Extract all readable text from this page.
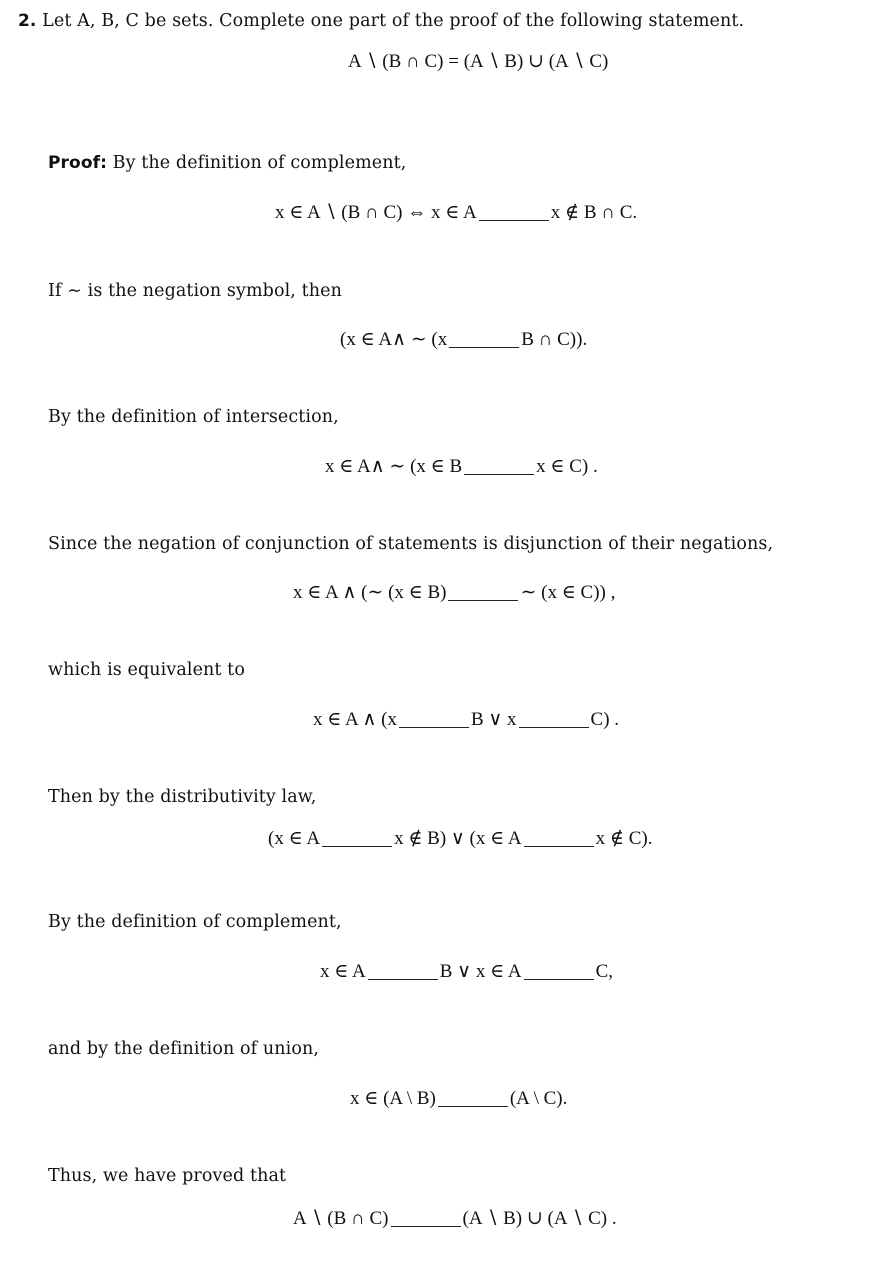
2. Let A, B, C be sets. Complete one part of the proof of the following statement.
A ∖ (B ∩ C) = (A ∖ B) ∪ (A ∖ C)
Proof: By the definition of complement,
x ∈ A ∖ (B ∩ C) ⇔ x ∈ A	x ∉ B ∩ C.
If ∼ is the negation symbol, then
(x ∈ A∧ ∼ (x	B ∩ C)).
By the definition of intersection,
x ∈ A∧ ∼ (x ∈ B	x ∈ C) .
Since the negation of conjunction of statements is disjunction of their negations,
x ∈ A ∧ (∼ (x ∈ B)	∼ (x ∈ C)) ,
which is equivalent to
x ∈ A ∧ (x	B ∨ x	C) .
Then by the distributivity law,
(x ∈ A	x ∉ B) ∨ (x ∈ A	x ∉ C).
By the definition of complement,
x ∈ A	B ∨ x ∈ A	C,
and by the definition of union,
x ∈ (A \ B)	(A \ C).
Thus, we have proved that
A ∖ (B ∩ C)	(A ∖ B) ∪ (A ∖ C) .
